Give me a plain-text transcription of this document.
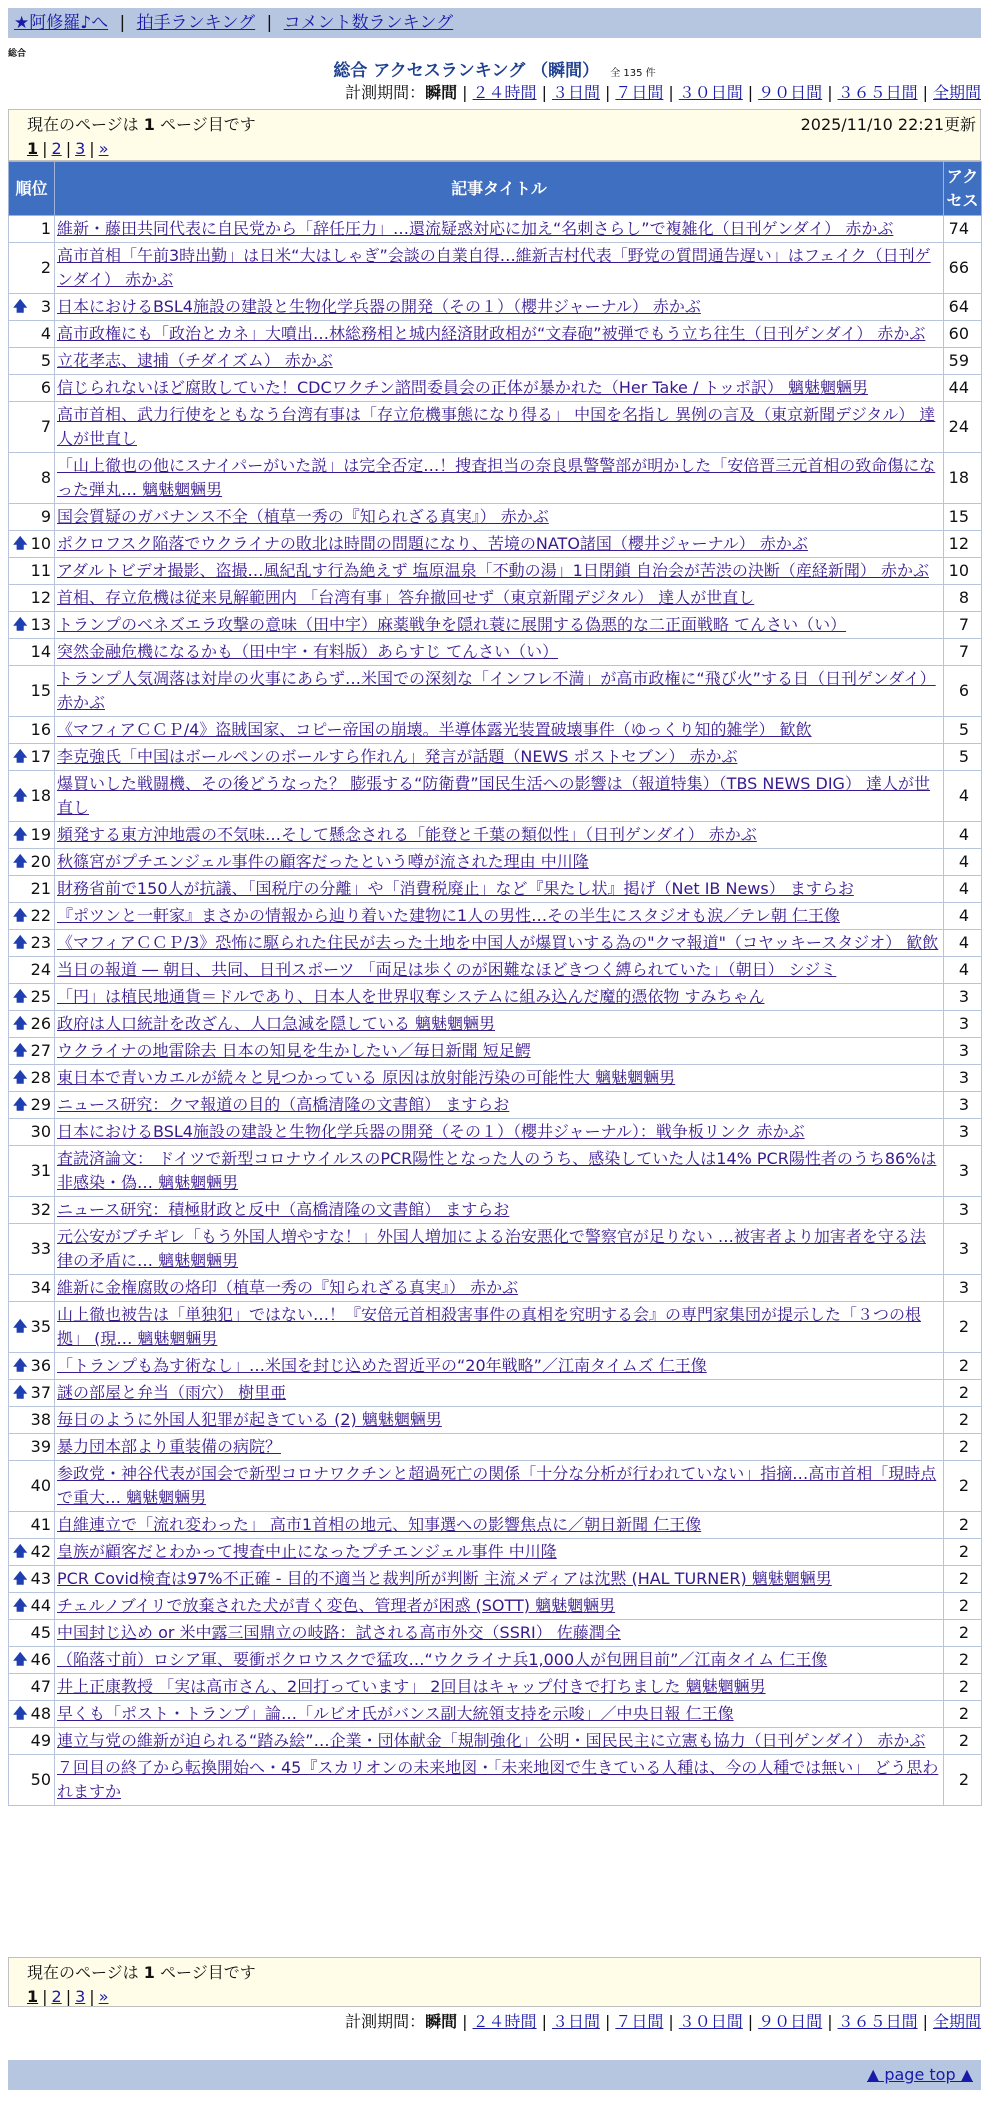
★阿修羅♪へ | 拍手ランキング | コメント数ランキング
総合
総合 アクセスランキング （瞬間） 全 135 件
計測期間：瞬間 | ２４時間 | ３日間 | ７日間 | ３０日間 | ９０日間 | ３６５日間 | 全期間
現在のページは 1 ページ目です
1 | 2 | 3 | »
2025/11/10 22:21更新
順位	記事タイトル	アクセス
1	維新・藤田共同代表に自民党から「辞任圧力」…還流疑惑対応に加え“名刺さらし”で複雑化（日刊ゲンダイ） 赤かぶ	74
2	高市首相「午前3時出勤」は日米“大はしゃぎ”会談の自業自得…維新吉村代表「野党の質問通告遅い」はフェイク（日刊ゲンダイ） 赤かぶ	66

🡅 3	日本におけるBSL4施設の建設と生物化学兵器の開発（その１）（櫻井ジャーナル） 赤かぶ	64
4	高市政権にも「政治とカネ」大噴出…林総務相と城内経済財政相が“文春砲”被弾でもう立ち往生（日刊ゲンダイ） 赤かぶ	60
5	立花孝志、逮捕（チダイズム） 赤かぶ	59
6	信じられないほど腐敗していた！CDCワクチン諮問委員会の正体が暴かれた（Her Take / トッポ訳） 魑魅魍魎男	44
7	高市首相、武力行使をともなう台湾有事は「存立危機事態になり得る」 中国を名指し 異例の言及（東京新聞デジタル） 達人が世直し	24
8	「山上徹也の他にスナイパーがいた説」は完全否定…！捜査担当の奈良県警警部が明かした「安倍晋三元首相の致命傷になった弾丸… 魑魅魍魎男	18
9	国会質疑のガバナンス不全（植草一秀の『知られざる真実』） 赤かぶ	15

🡅 10	ポクロフスク陥落でウクライナの敗北は時間の問題になり、苦境のNATO諸国（櫻井ジャーナル） 赤かぶ	12
11	アダルトビデオ撮影、盗撮…風紀乱す行為絶えず 塩原温泉「不動の湯」1日閉鎖 自治会が苦渋の決断（産経新聞） 赤かぶ	10
12	首相、存立危機は従来見解範囲内 「台湾有事」答弁撤回せず（東京新聞デジタル） 達人が世直し	8

🡅 13	トランプのベネズエラ攻撃の意味（田中宇）麻薬戦争を隠れ蓑に展開する偽悪的な二正面戦略 てんさい（い）	7
14	突然金融危機になるかも（田中宇・有料版）あらすじ てんさい（い）	7
15	トランプ人気凋落は対岸の火事にあらず…米国での深刻な「インフレ不満」が高市政権に“飛び火”する日（日刊ゲンダイ） 赤かぶ	6
16	《マフィアＣＣＰ/4》盗賊国家、コピー帝国の崩壊。半導体露光装置破壊事件（ゆっくり知的雑学） 歓飲	5

🡅 17	李克強氏「中国はボールペンのボールすら作れん」発言が話題（NEWS ポストセブン） 赤かぶ	5

🡅 18	爆買いした戦闘機、その後どうなった？ 膨張する“防衛費”国民生活への影響は（報道特集）（TBS NEWS DIG） 達人が世直し	4

🡅 19	頻発する東方沖地震の不気味…そして懸念される「能登と千葉の類似性」（日刊ゲンダイ） 赤かぶ	4

🡅 20	秋篠宮がプチエンジェル事件の顧客だったという噂が流された理由 中川隆	4
21	財務省前で150人が抗議、「国税庁の分離」や「消費税廃止」など『果たし状』掲げ（Net IB News） ますらお	4

🡅 22	『ポツンと一軒家』まさかの情報から辿り着いた建物に1人の男性…その半生にスタジオも涙／テレ朝 仁王像	4

🡅 23	《マフィアＣＣＰ/3》恐怖に駆られた住民が去った土地を中国人が爆買いする為の"クマ報道"（コヤッキースタジオ） 歓飲	4
24	当日の報道 ― 朝日、共同、日刊スポーツ 「両足は歩くのが困難なほどきつく縛られていた」（朝日） シジミ	4

🡅 25	「円」は植民地通貨＝ドルであり、日本人を世界収奪システムに組み込んだ魔的憑依物 すみちゃん	3

🡅 26	政府は人口統計を改ざん、人口急減を隠している 魑魅魍魎男	3

🡅 27	ウクライナの地雷除去 日本の知見を生かしたい／毎日新聞 短足鰐	3

🡅 28	東日本で青いカエルが続々と見つかっている 原因は放射能汚染の可能性大 魑魅魍魎男	3

🡅 29	ニュース研究：クマ報道の目的（高橋清隆の文書館） ますらお	3
30	日本におけるBSL4施設の建設と生物化学兵器の開発（その１）（櫻井ジャーナル）：戦争板リンク 赤かぶ	3
31	査読済論文： ドイツで新型コロナウイルスのPCR陽性となった人のうち、感染していた人は14% PCR陽性者のうち86%は非感染・偽… 魑魅魍魎男	3
32	ニュース研究：積極財政と反中（高橋清隆の文書館） ますらお	3
33	元公安がブチギレ「もう外国人増やすな！」外国人増加による治安悪化で警察官が足りない …被害者より加害者を守る法律の矛盾に… 魑魅魍魎男	3
34	維新に金権腐敗の烙印（植草一秀の『知られざる真実』） 赤かぶ	3

🡅 35	山上徹也被告は「単独犯」ではない…！『安倍元首相殺害事件の真相を究明する会』の専門家集団が提示した「３つの根拠」 (現… 魑魅魍魎男	2

🡅 36	「トランプも為す術なし」…米国を封じ込めた習近平の“20年戦略”／江南タイムズ 仁王像	2

🡅 37	謎の部屋と弁当（雨穴） 樹里亜	2
38	毎日のように外国人犯罪が起きている (2) 魑魅魍魎男	2
39	暴力団本部より重装備の病院？	2
40	参政党・神谷代表が国会で新型コロナワクチンと超過死亡の関係「十分な分析が行われていない」指摘…高市首相「現時点で重大… 魑魅魍魎男	2
41	自維連立で「流れ変わった」 高市1首相の地元、知事選への影響焦点に／朝日新聞 仁王像	2

🡅 42	皇族が顧客だとわかって捜査中止になったプチエンジェル事件 中川隆	2

🡅 43	PCR Covid検査は97%不正確 - 目的不適当と裁判所が判断 主流メディアは沈黙 (HAL TURNER) 魑魅魍魎男	2

🡅 44	チェルノブイリで放棄された犬が青く変色、管理者が困惑 (SOTT) 魑魅魍魎男	2
45	中国封じ込め or 米中露三国鼎立の岐路：試される高市外交（SSRI） 佐藤潤全	2

🡅 46	（陥落寸前）ロシア軍、要衝ポクロウスクで猛攻…“ウクライナ兵1,000人が包囲目前”／江南タイム 仁王像	2
47	井上正康教授 「実は高市さん、2回打っています」 2回目はキャップ付きで打ちました 魑魅魍魎男	2

🡅 48	早くも「ポスト・トランプ」論…「ルビオ氏がバンス副大統領支持を示唆」／中央日報 仁王像	2
49	連立与党の維新が迫られる“踏み絵”…企業・団体献金「規制強化」公明・国民民主に立憲も協力（日刊ゲンダイ） 赤かぶ	2
50	７回目の終了から転換開始へ・45『スカリオンの未来地図・「未来地図で生きている人種は、今の人種では無い」 どう思われますか	2
現在のページは 1 ページ目です
1 | 2 | 3 | »
計測期間：瞬間 | ２４時間 | ３日間 | ７日間 | ３０日間 | ９０日間 | ３６５日間 | 全期間
▲ page top ▲
